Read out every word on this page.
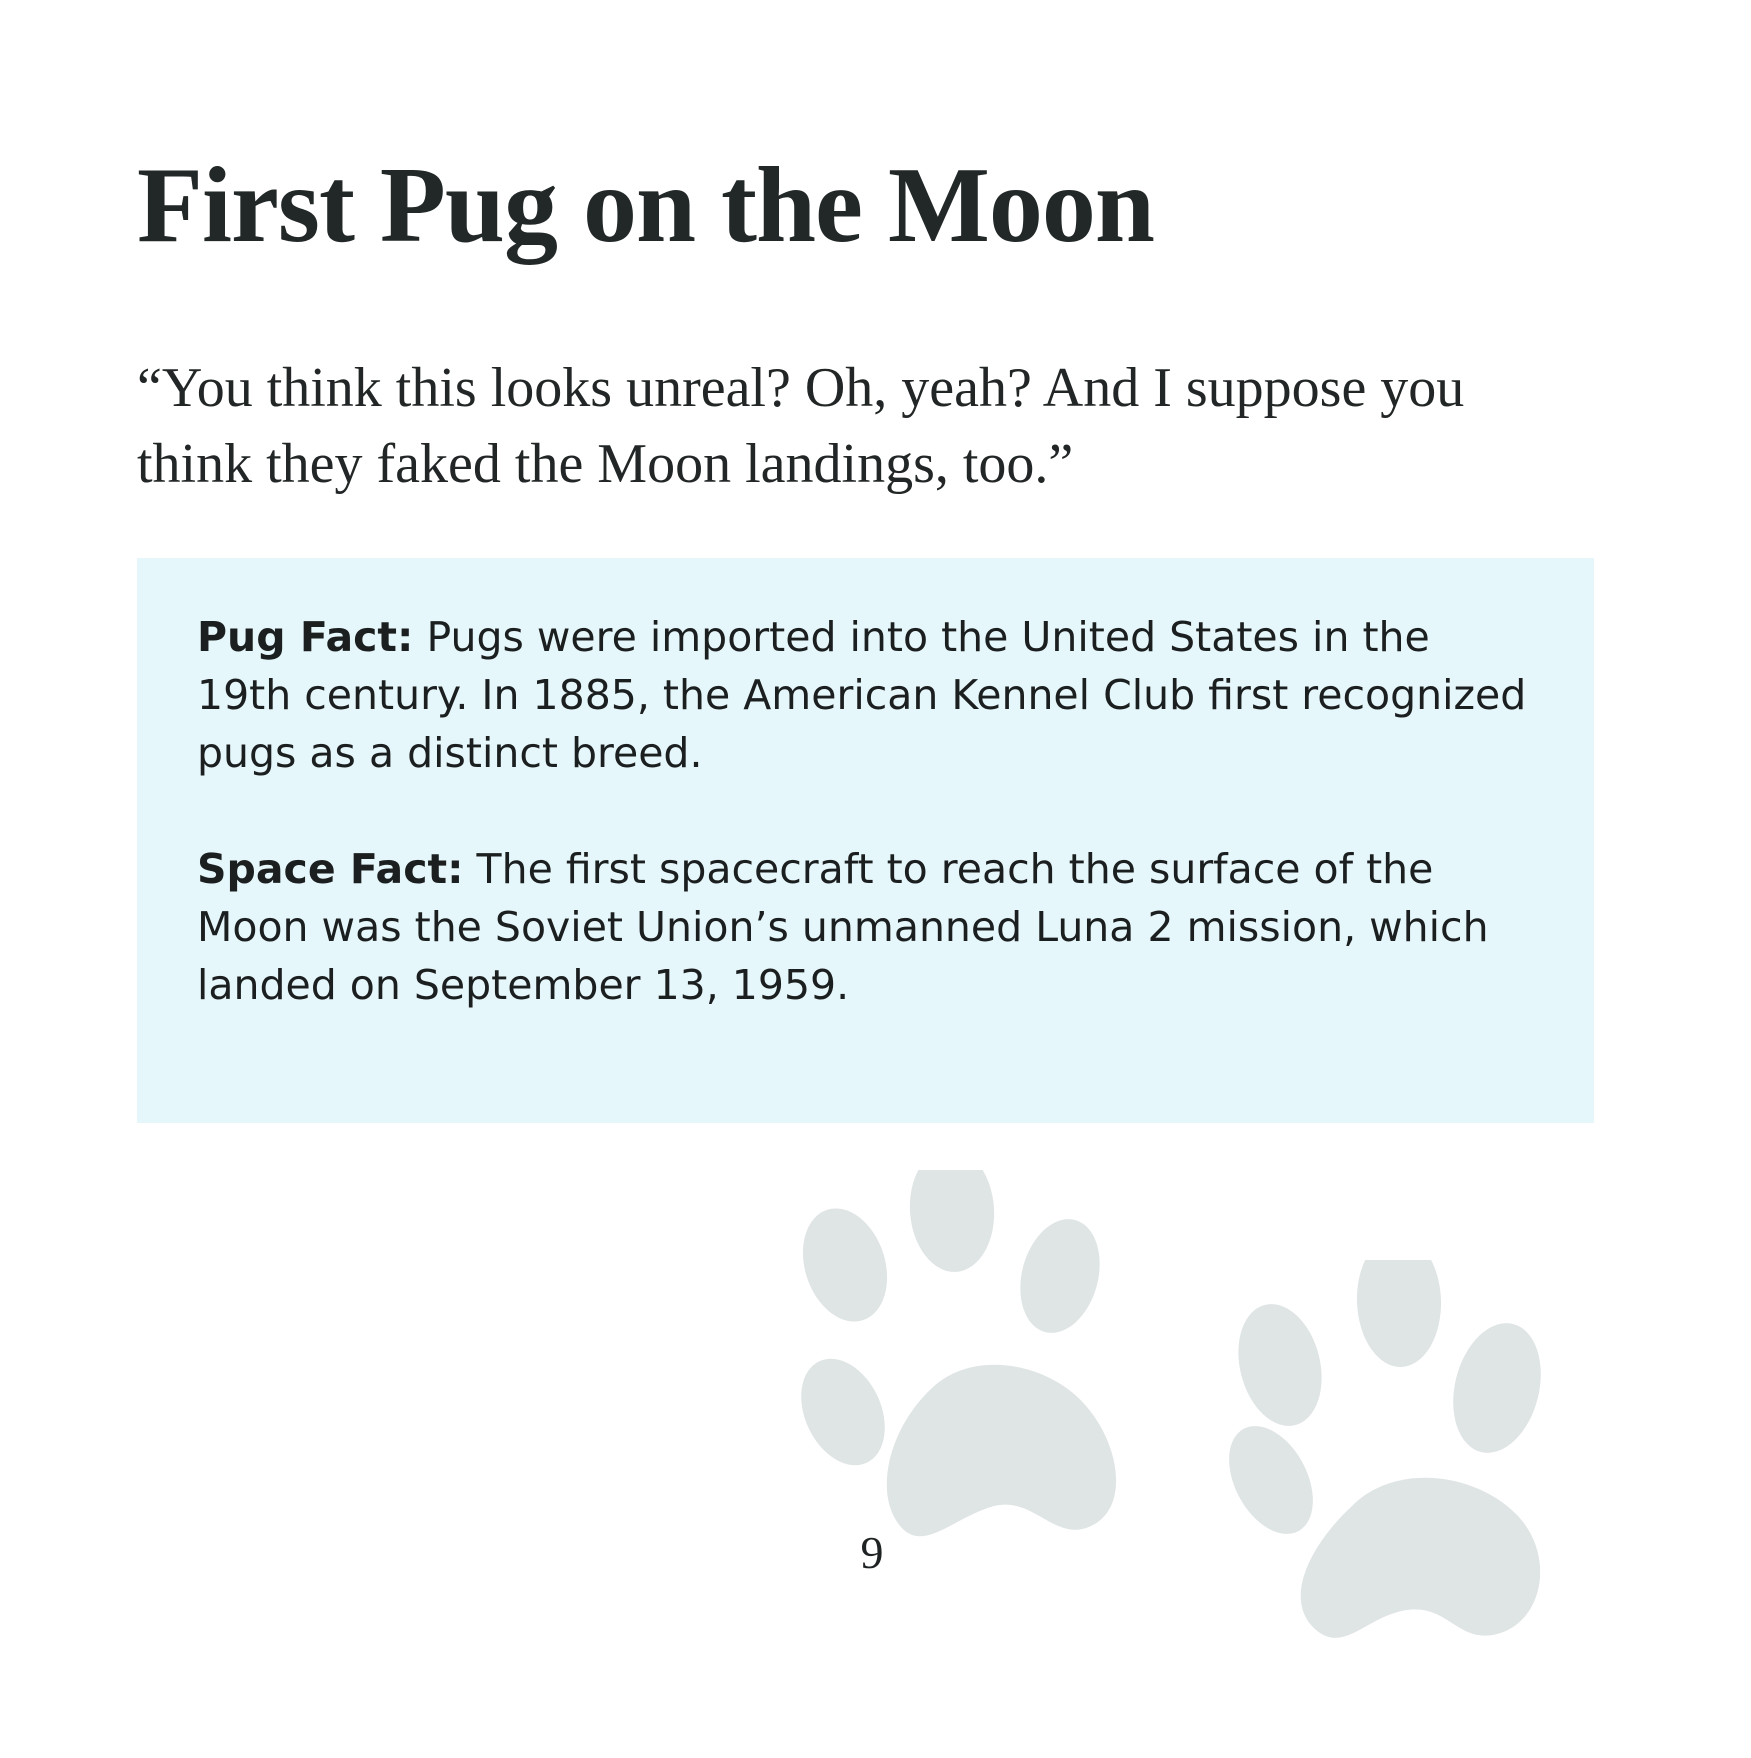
First Pug on the Moon

“You think this looks unreal? Oh, yeah? And I suppose you think they faked the Moon landings, too.”

Pug Fact: Pugs were imported into the United States in the 19th century. In 1885, the American Kennel Club first recognized pugs as a distinct breed.

Space Fact: The first spacecraft to reach the surface of the Moon was the Soviet Union’s unmanned Luna 2 mission, which landed on September 13, 1959.

9
